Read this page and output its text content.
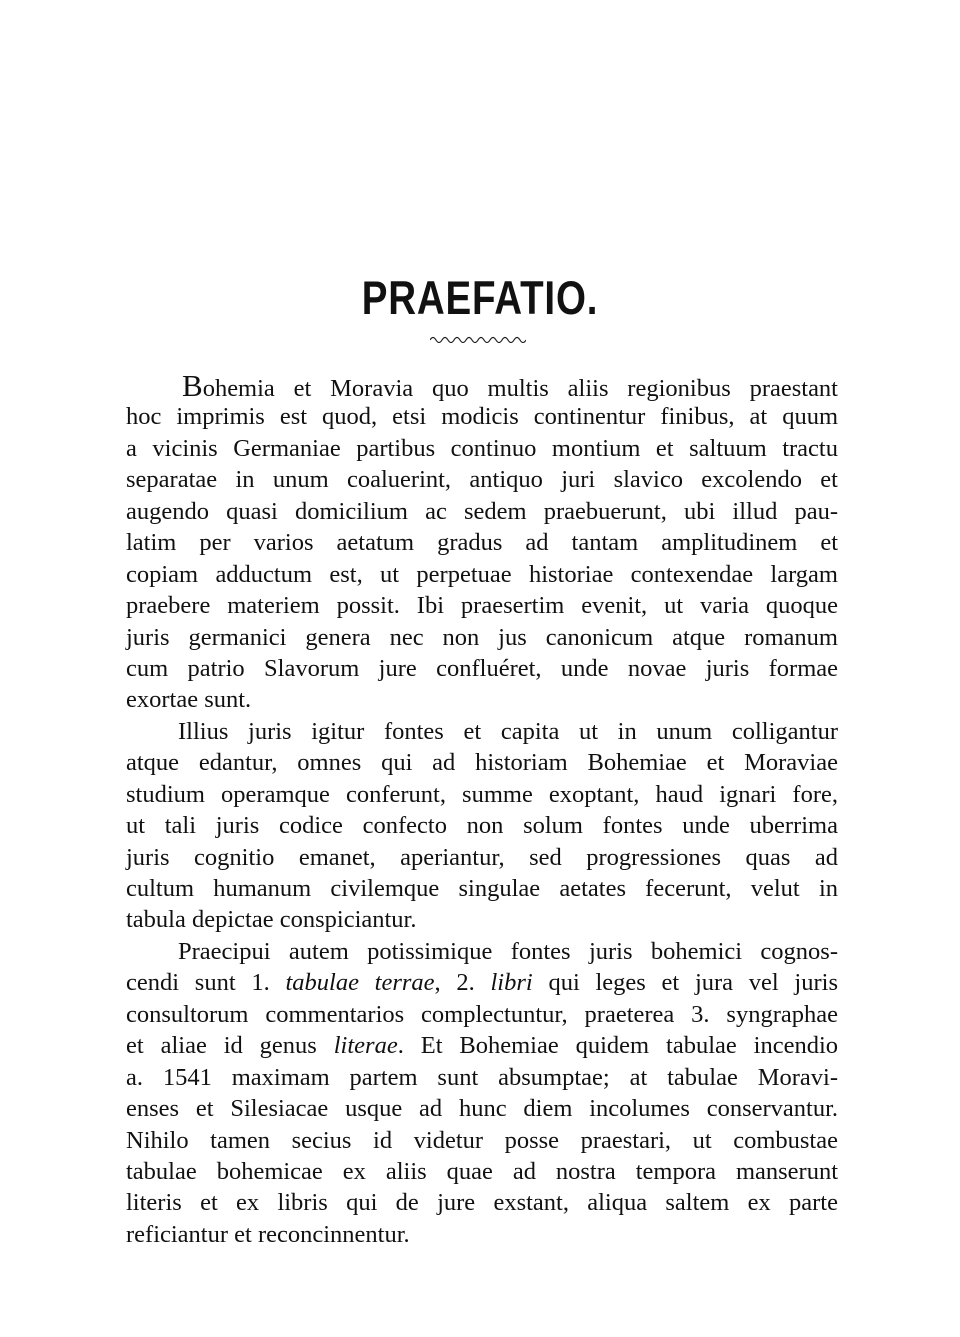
PRAEFATIO.
Bohemia et Moravia quo multis aliis regionibus praestant
hoc imprimis est quod, etsi modicis continentur finibus, at quum
a vicinis Germaniae partibus continuo montium et saltuum tractu
separatae in unum coaluerint, antiquo juri slavico excolendo et
augendo quasi domicilium ac sedem praebuerunt, ubi illud pau-
latim per varios aetatum gradus ad tantam amplitudinem et
copiam adductum est, ut perpetuae historiae contexendae largam
praebere materiem possit. Ibi praesertim evenit, ut varia quoque
juris germanici genera nec non jus canonicum atque romanum
cum patrio Slavorum jure confluéret, unde novae juris formae
exortae sunt.
Illius juris igitur fontes et capita ut in unum colligantur
atque edantur, omnes qui ad historiam Bohemiae et Moraviae
studium operamque conferunt, summe exoptant, haud ignari fore,
ut tali juris codice confecto non solum fontes unde uberrima
juris cognitio emanet, aperiantur, sed progressiones quas ad
cultum humanum civilemque singulae aetates fecerunt, velut in
tabula depictae conspiciantur.
Praecipui autem potissimique fontes juris bohemici cognos-
cendi sunt 1. tabulae terrae, 2. libri qui leges et jura vel juris
consultorum commentarios complectuntur, praeterea 3. syngraphae
et aliae id genus literae. Et Bohemiae quidem tabulae incendio
a. 1541 maximam partem sunt absumptae; at tabulae Moravi-
enses et Silesiacae usque ad hunc diem incolumes conservantur.
Nihilo tamen secius id videtur posse praestari, ut combustae
tabulae bohemicae ex aliis quae ad nostra tempora manserunt
literis et ex libris qui de jure exstant, aliqua saltem ex parte
reficiantur et reconcinnentur.
